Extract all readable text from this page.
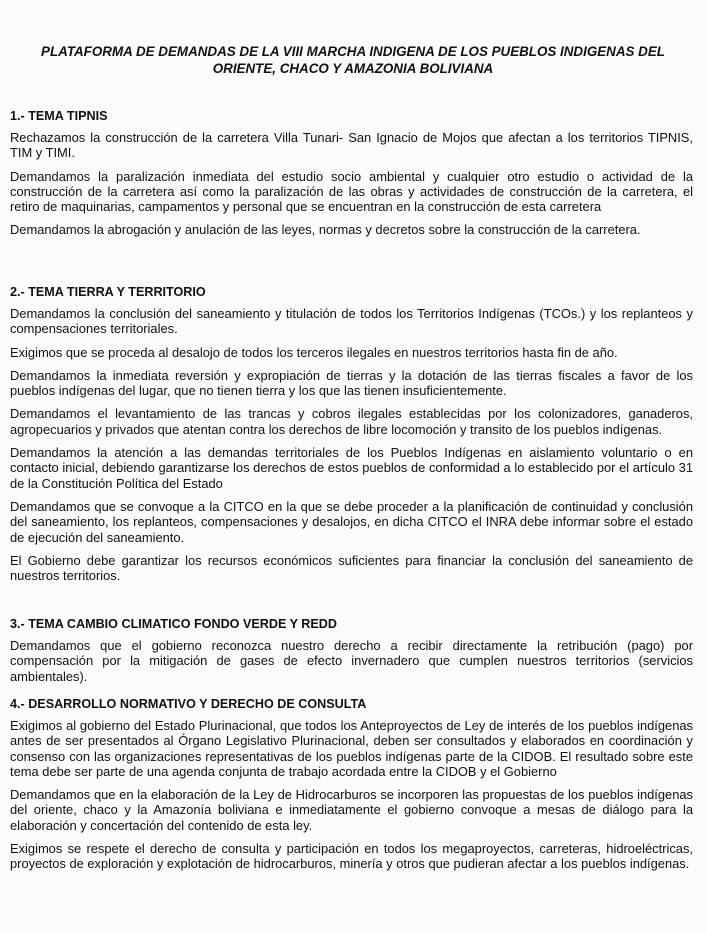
PLATAFORMA DE DEMANDAS DE LA VIII MARCHA INDIGENA DE LOS PUEBLOS INDIGENAS DEL ORIENTE, CHACO Y AMAZONIA BOLIVIANA
1.- TEMA TIPNIS

Rechazamos la construcción de la carretera Villa Tunari- San Ignacio de Mojos que afectan a los territorios TIPNIS, TIM y TIMI.

Demandamos la paralización inmediata del estudio socio ambiental y cualquier otro estudio o actividad de la construcción de la carretera así como la paralización de las obras y actividades de construcción de la carretera, el retiro de maquinarias, campamentos y personal que se encuentran en la construcción de esta carretera

Demandamos la abrogación y anulación de las leyes, normas y decretos sobre la construcción de la carretera.

2.- TEMA TIERRA Y TERRITORIO

Demandamos la conclusión del saneamiento y titulación de todos los Territorios Indígenas (TCOs.) y los replanteos y compensaciones territoriales.

Exigimos que se proceda al desalojo de todos los terceros ilegales en nuestros territorios hasta fin de año.

Demandamos la inmediata reversión y expropiación de tierras y la dotación de las tierras fiscales a favor de los pueblos indígenas del lugar, que no tienen tierra y los que las tienen insuficientemente.

Demandamos el levantamiento de las trancas y cobros ilegales establecidas por los colonizadores, ganaderos, agropecuarios y privados que atentan contra los derechos de libre locomoción y transito de los pueblos indígenas.

Demandamos la atención a las demandas territoriales de los Pueblos Indígenas en aislamiento voluntario o en contacto inicial, debiendo garantizarse los derechos de estos pueblos de conformidad a lo establecido por el artículo 31 de la Constitución Política del Estado

Demandamos que se convoque a la CITCO en la que se debe proceder a la planificación de continuidad y conclusión del saneamiento, los replanteos, compensaciones y desalojos, en dicha CITCO el INRA debe informar sobre el estado de ejecución del saneamiento.

El Gobierno debe garantizar los recursos económicos suficientes para financiar la conclusión del saneamiento de nuestros territorios.

3.- TEMA CAMBIO CLIMATICO FONDO VERDE Y REDD

Demandamos que el gobierno reconozca nuestro derecho a recibir directamente la retribución (pago) por compensación por la mitigación de gases de efecto invernadero que cumplen nuestros territorios (servicios ambientales).

4.- DESARROLLO NORMATIVO Y DERECHO DE CONSULTA

Exigimos al gobierno del Estado Plurinacional, que todos los Anteproyectos de Ley de interés de los pueblos indígenas antes de ser presentados al Órgano Legislativo Plurinacional, deben ser consultados y elaborados en coordinación y consenso con las organizaciones representativas de los pueblos indígenas parte de la CIDOB. El resultado sobre este tema debe ser parte de una agenda conjunta de trabajo acordada entre la CIDOB y el Gobierno

Demandamos que en la elaboración de la Ley de Hidrocarburos se incorporen las propuestas de los pueblos indígenas del oriente, chaco y la Amazonía boliviana e inmediatamente el gobierno convoque a mesas de diálogo para la elaboración y concertación del contenido de esta ley.

Exigimos se respete el derecho de consulta y participación en todos los megaproyectos, carreteras, hidroeléctricas, proyectos de exploración y explotación de hidrocarburos, minería y otros que pudieran afectar a los pueblos indígenas.
